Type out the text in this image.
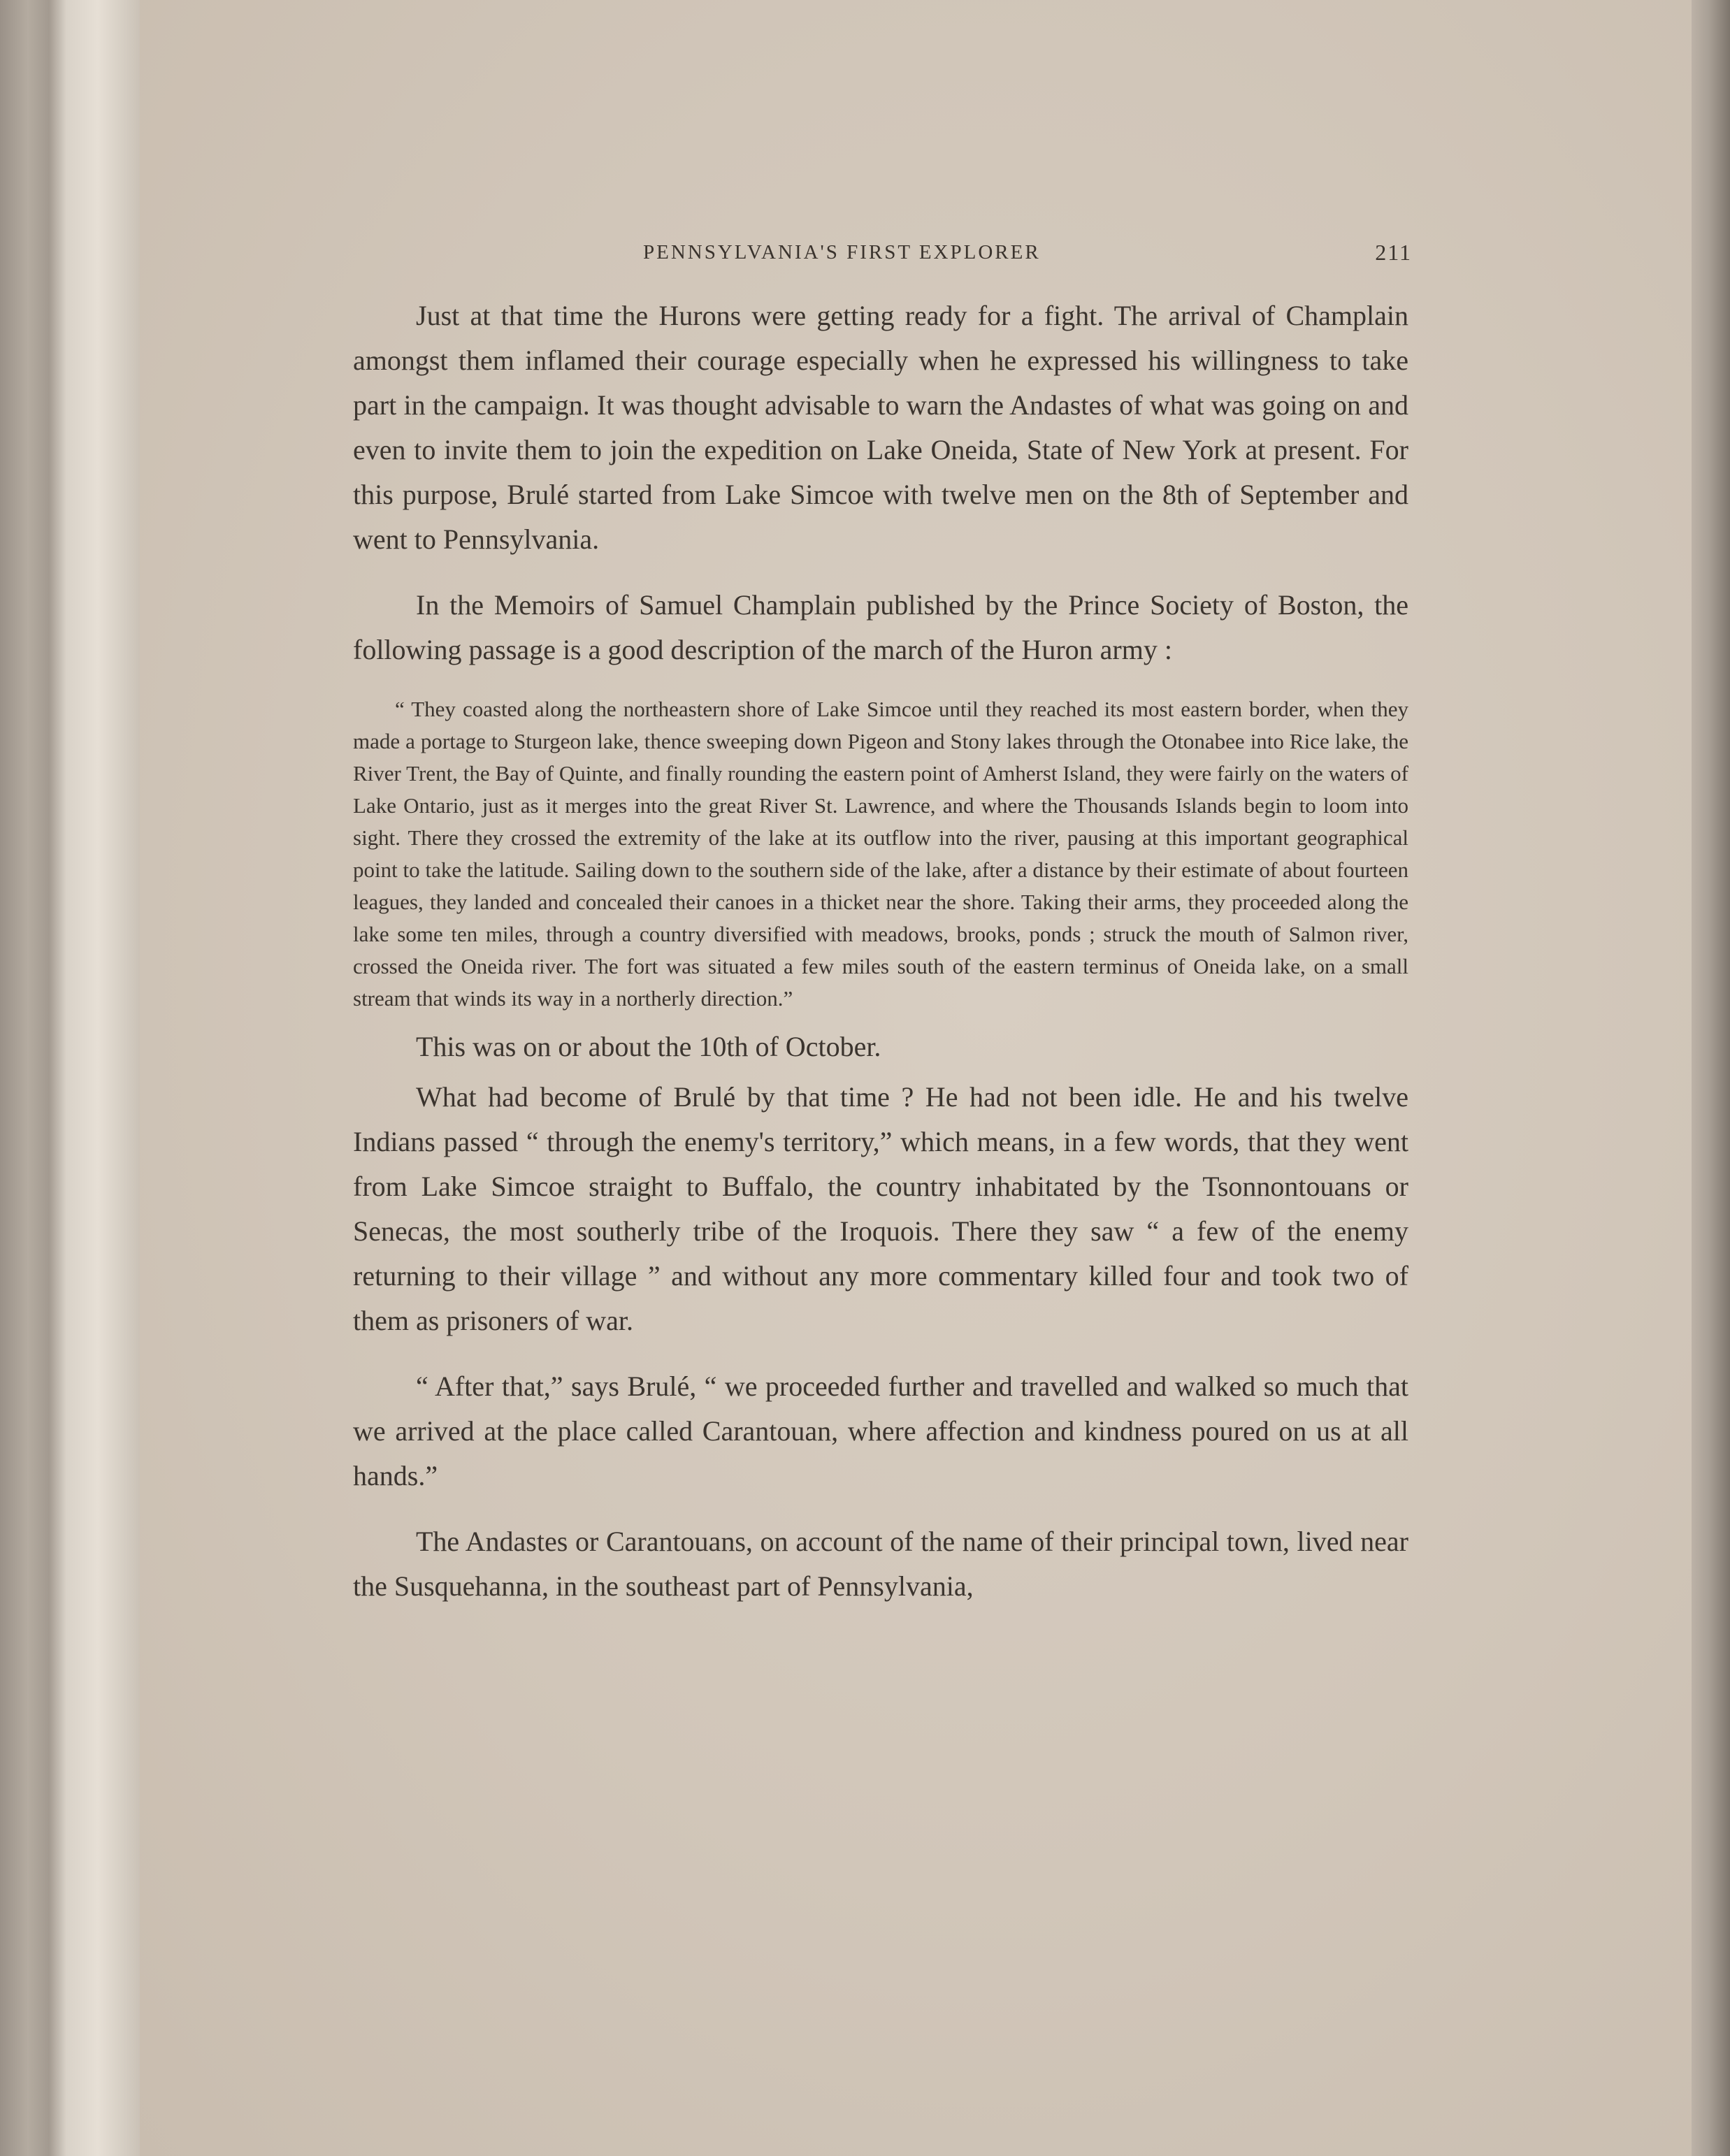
PENNSYLVANIA'S FIRST EXPLORER	211

Just at that time the Hurons were getting ready for a fight. The arrival of Champlain amongst them inflamed their courage especially when he expressed his willingness to take part in the campaign. It was thought advisable to warn the Andastes of what was going on and even to invite them to join the expedition on Lake Oneida, State of New York at present. For this purpose, Brulé started from Lake Simcoe with twelve men on the 8th of September and went to Pennsylvania.

In the Memoirs of Samuel Champlain published by the Prince Society of Boston, the following passage is a good description of the march of the Huron army :

“ They coasted along the northeastern shore of Lake Simcoe until they reached its most eastern border, when they made a portage to Sturgeon lake, thence sweeping down Pigeon and Stony lakes through the Otonabee into Rice lake, the River Trent, the Bay of Quinte, and finally rounding the eastern point of Amherst Island, they were fairly on the waters of Lake Ontario, just as it merges into the great River St. Lawrence, and where the Thousands Islands begin to loom into sight. There they crossed the extremity of the lake at its outflow into the river, pausing at this important geographical point to take the latitude. Sailing down to the southern side of the lake, after a distance by their estimate of about fourteen leagues, they landed and concealed their canoes in a thicket near the shore. Taking their arms, they proceeded along the lake some ten miles, through a country diversified with meadows, brooks, ponds ; struck the mouth of Salmon river, crossed the Oneida river. The fort was situated a few miles south of the eastern terminus of Oneida lake, on a small stream that winds its way in a northerly direction.”

This was on or about the 10th of October.

What had become of Brulé by that time ? He had not been idle. He and his twelve Indians passed “ through the enemy's territory,” which means, in a few words, that they went from Lake Simcoe straight to Buffalo, the country inhabitated by the Tsonnontouans or Senecas, the most southerly tribe of the Iroquois. There they saw “ a few of the enemy returning to their village ” and without any more commentary killed four and took two of them as prisoners of war.

“ After that,” says Brulé, “ we proceeded further and travelled and walked so much that we arrived at the place called Carantouan, where affection and kindness poured on us at all hands.”

The Andastes or Carantouans, on account of the name of their principal town, lived near the Susquehanna, in the southeast part of Pennsylvania,
